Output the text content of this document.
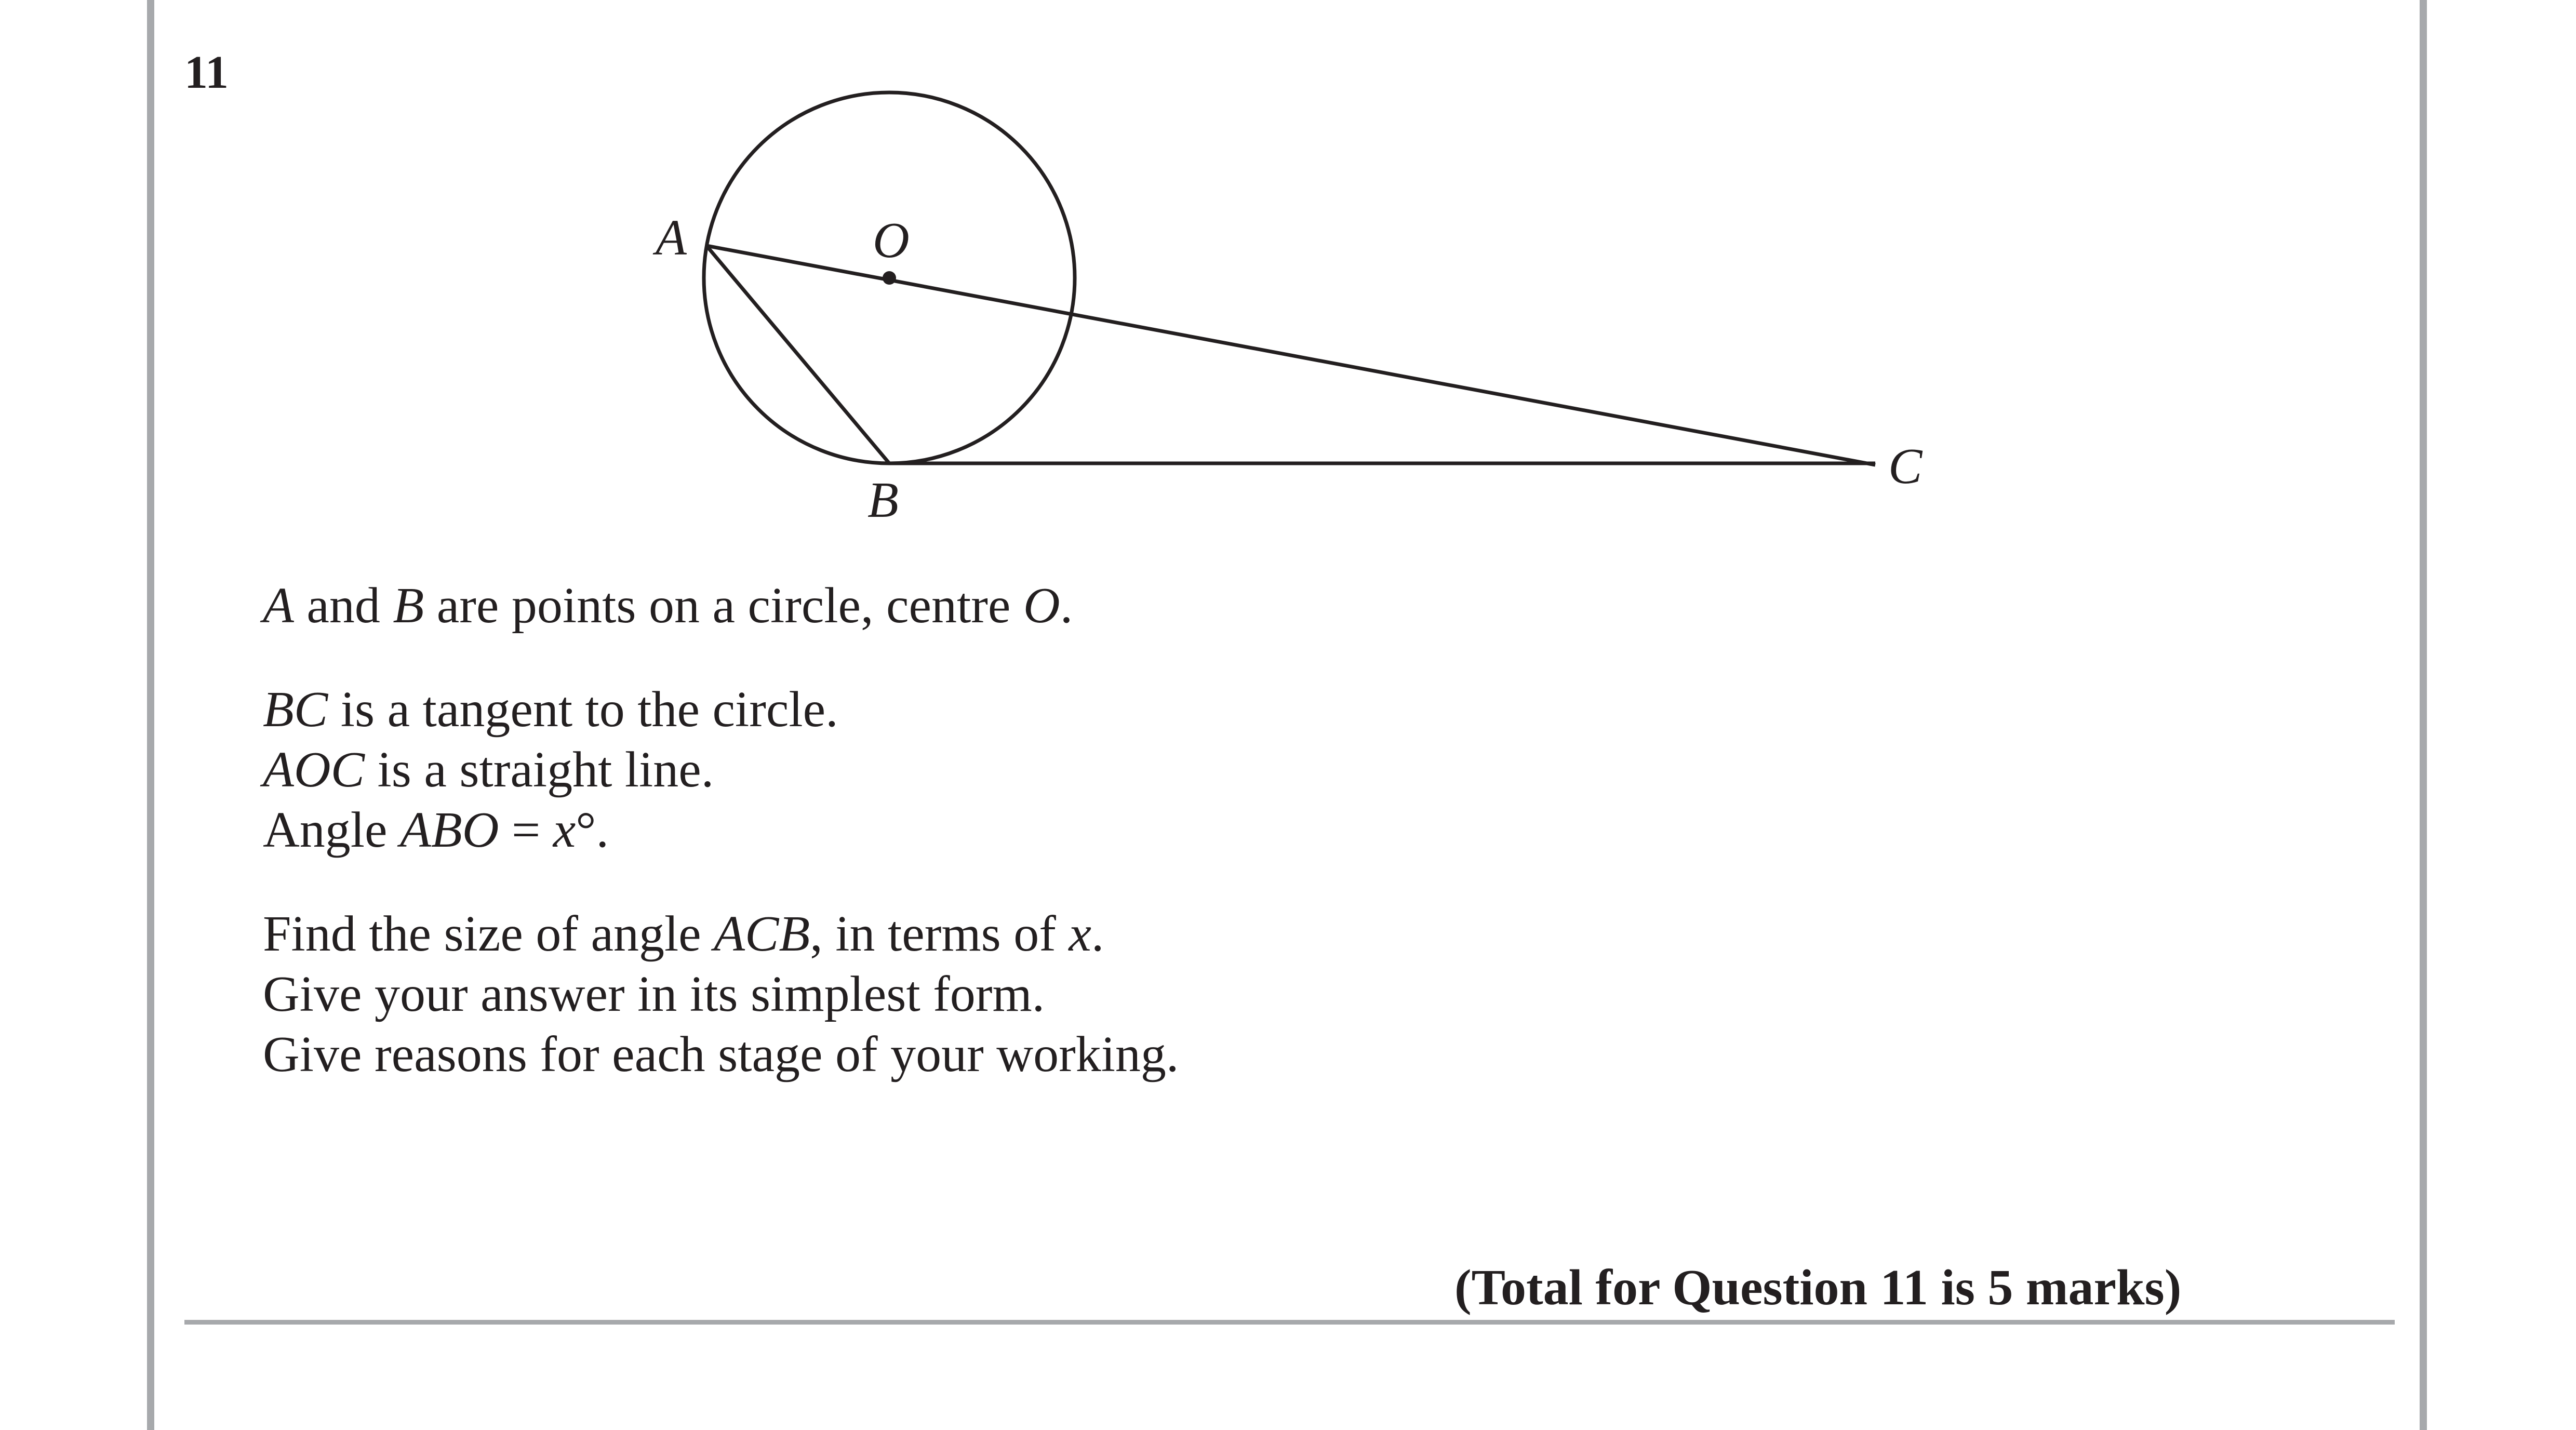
11
A	O
B
C
A and B are points on a circle, centre O.
BC is a tangent to the circle.
AOC is a straight line.
Angle ABO = x°.
Find the size of angle ACB, in terms of x.
Give your answer in its simplest form.
Give reasons for each stage of your working.
(Total for Question 11 is 5 marks)
